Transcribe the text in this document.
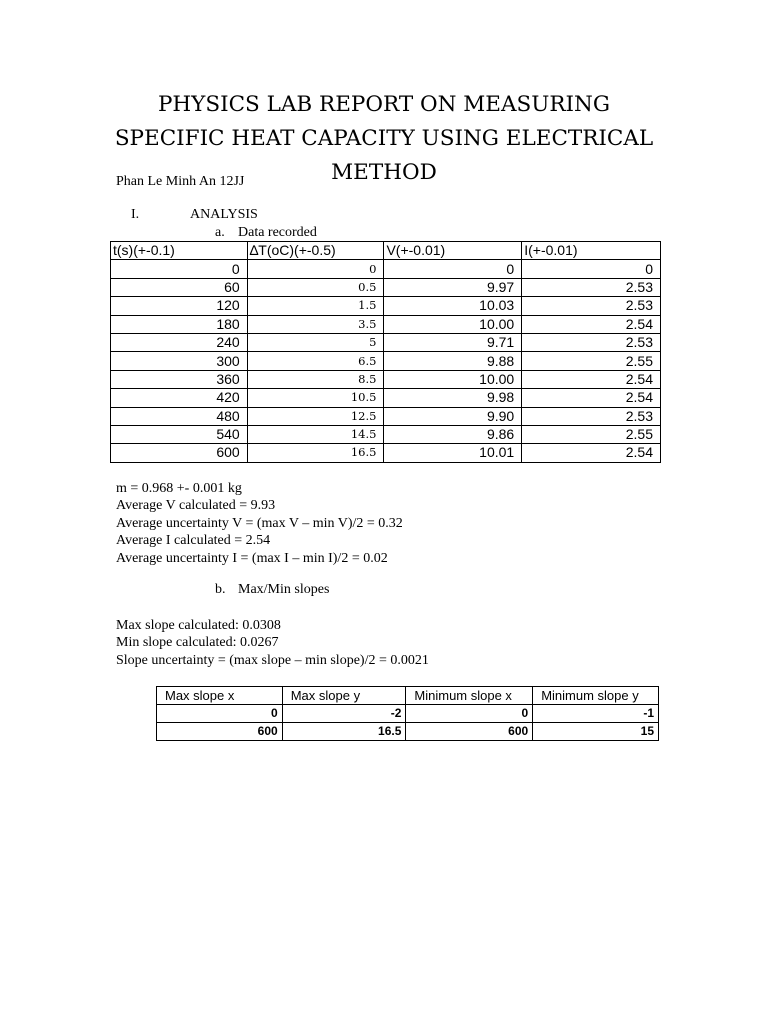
PHYSICS LAB REPORT ON MEASURING
SPECIFIC HEAT CAPACITY USING ELECTRICAL
METHOD
Phan Le Minh An 12JJ
I.	ANALYSIS
a. Data recorded
t(s)(+-0.1)	∆T(oC)(+-0.5)	V(+-0.01)	I(+-0.01)
0	0	0	0
60	0.5	9.97	2.53
120	1.5	10.03	2.53
180	3.5	10.00	2.54
240	5	9.71	2.53
300	6.5	9.88	2.55
360	8.5	10.00	2.54
420	10.5	9.98	2.54
480	12.5	9.90	2.53
540	14.5	9.86	2.55
600	16.5	10.01	2.54
m = 0.968 +- 0.001 kg
Average V calculated = 9.93
Average uncertainty V = (max V – min V)/2 = 0.32
Average I calculated = 2.54
Average uncertainty I = (max I – min I)/2 = 0.02
b. Max/Min slopes
Max slope calculated: 0.0308
Min slope calculated: 0.0267
Slope uncertainty = (max slope – min slope)/2 = 0.0021
Max slope x	Max slope y	Minimum slope x	Minimum slope y
0	-2	0	-1
600	16.5	600	15
